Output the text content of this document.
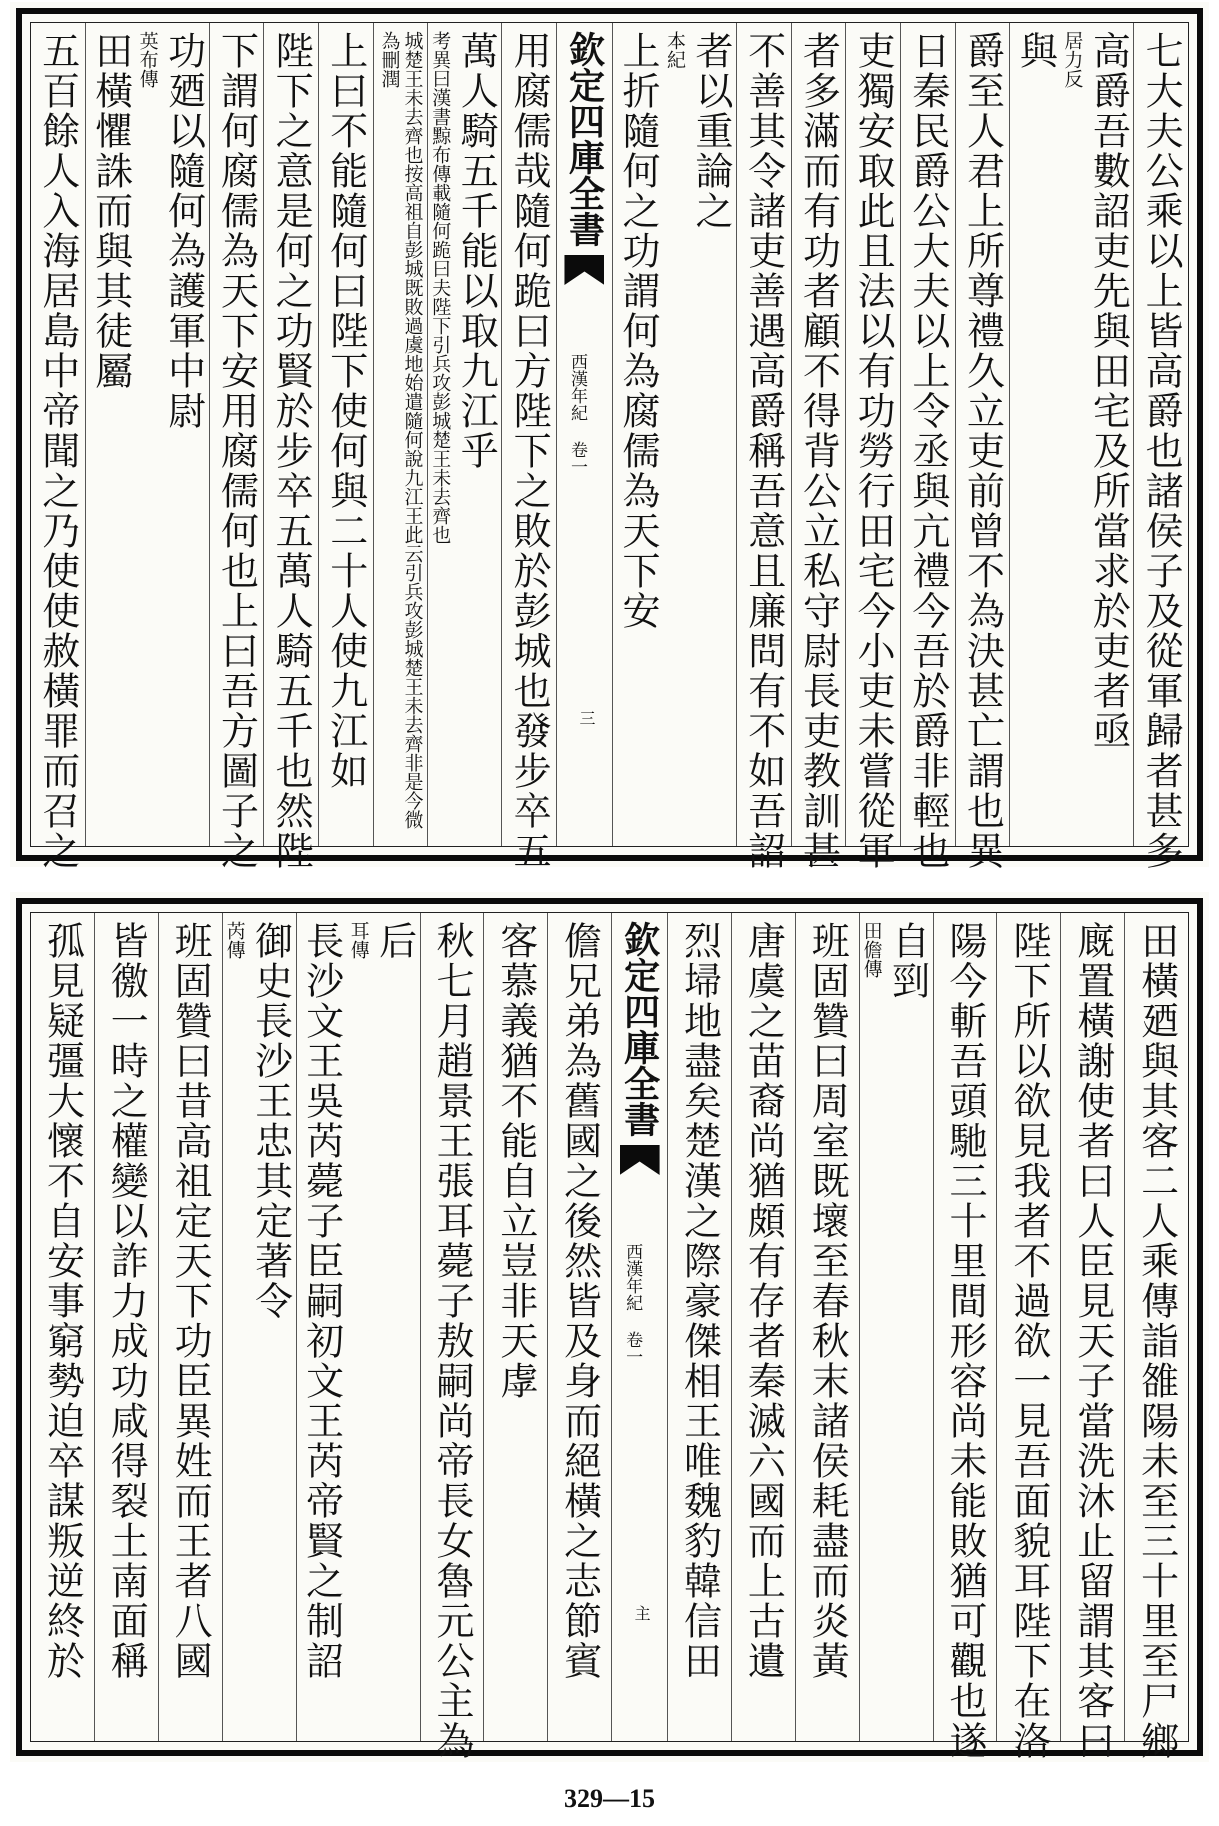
七大夫公乘以上皆高爵也諸侯子及從軍歸者甚多
高爵吾數詔吏先與田宅及所當求於吏者亟
居力反
與
爵至人君上所尊禮久立吏前曾不為決甚亡謂也異
日秦民爵公大夫以上令丞與亢禮今吾於爵非輕也
吏獨安取此且法以有功勞行田宅今小吏未嘗從軍
者多滿而有功者顧不得背公立私守尉長吏教訓甚
不善其令諸吏善遇高爵稱吾意且廉問有不如吾詔
者以重論之
本紀
上折隨何之功謂何為腐儒為天下安
欽定四庫全書
西漢年紀 卷一
三
用腐儒哉隨何跪曰方陛下之敗於彭城也發步卒五
萬人騎五千能以取九江乎
考異曰漢書黥布傳載隨何跪曰夫陛下引兵攻彭城楚王未去齊也
城楚王未去齊也按高祖自彭城既敗過虞地始遣隨何說九江王此云引兵攻彭城楚王未去齊非是今微
為刪潤
上曰不能隨何曰陛下使何與二十人使九江如
陛下之意是何之功賢於步卒五萬人騎五千也然陛
下謂何腐儒為天下安用腐儒何也上曰吾方圖子之
功廼以隨何為護軍中尉
英布傳
田橫懼誅而與其徒屬
五百餘人入海居島中帝聞之乃使使赦橫罪而召之
田橫廼與其客二人乘傳詣雒陽未至三十里至尸鄉
廐置橫謝使者曰人臣見天子當洗沐止留謂其客曰
陛下所以欲見我者不過欲一見吾面貌耳陛下在洛
陽今斬吾頭馳三十里間形容尚未能敗猶可觀也遂
自剄
田儋傳
班固贊曰周室既壞至春秋末諸侯耗盡而炎黃
唐虞之苗裔尚猶頗有存者秦滅六國而上古遺
烈埽地盡矣楚漢之際豪傑相王唯魏豹韓信田
欽定四庫全書
西漢年紀 卷一
主
儋兄弟為舊國之後然皆及身而絕橫之志節賓
客慕義猶不能自立豈非天虖
秋七月趙景王張耳薨子敖嗣尚帝長女魯元公主為
后
耳傳
長沙文王吳芮薨子臣嗣初文王芮帝賢之制詔
御史長沙王忠其定著令
芮傳
班固贊曰昔高祖定天下功臣異姓而王者八國
皆徼一時之權變以詐力成功咸得裂土南面稱
孤見疑彊大懷不自安事窮勢迫卒謀叛逆終於
329—15
